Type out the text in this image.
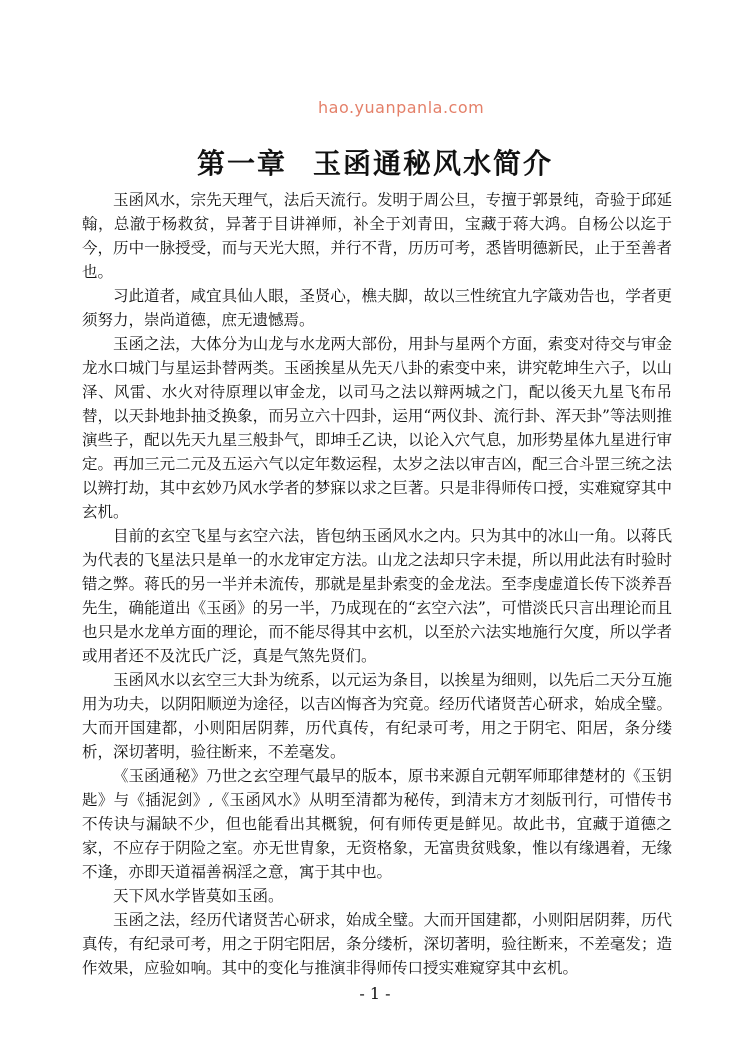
hao.yuanpanla.com
第一章 玉函通秘风水简介

玉函风水，宗先天理气，法后天流行。发明于周公旦，专擅于郭景纯，奇验于邱延翰，总澈于杨救贫，异著于目讲禅师，补全于刘青田，宝藏于蒋大鸿。自杨公以迄于今，历中一脉授受，而与天光大照，并行不背，历历可考，悉皆明德新民，止于至善者也。

习此道者，咸宜具仙人眼，圣贤心，樵夫脚，故以三性统宜九字箴劝告也，学者更须努力，崇尚道德，庶无遗憾焉。

玉函之法，大体分为山龙与水龙两大部份，用卦与星两个方面，索变对待交与审金龙水口城门与星运卦替两类。玉函挨星从先天八卦的索变中来，讲究乾坤生六子，以山泽、风雷、水火对待原理以审金龙，以司马之法以辩两城之门，配以後天九星飞布吊替，以天卦地卦抽爻换象，而另立六十四卦，运用“两仪卦、流行卦、浑天卦”等法则推演些子，配以先天九星三般卦气，即坤壬乙诀，以论入穴气息，加形势星体九星进行审定。再加三元二元及五运六气以定年数运程，太岁之法以审吉凶，配三合斗罡三统之法以辨打劫，其中玄妙乃风水学者的梦寐以求之巨著。只是非得师传口授，实难窥穿其中玄机。

目前的玄空飞星与玄空六法，皆包纳玉函风水之内。只为其中的冰山一角。以蒋氏为代表的飞星法只是单一的水龙审定方法。山龙之法却只字未提，所以用此法有时验时错之弊。蒋氏的另一半并未流传，那就是星卦索变的金龙法。至李虔虚道长传下淡养吾先生，确能道出《玉函》的另一半，乃成现在的“玄空六法”，可惜淡氏只言出理论而且也只是水龙单方面的理论，而不能尽得其中玄机，以至於六法实地施行欠度，所以学者或用者还不及沈氏广泛，真是气煞先贤们。

玉函风水以玄空三大卦为统系，以元运为条目，以挨星为细则，以先后二天分互施用为功夫，以阴阳顺逆为途径，以吉凶悔吝为究竟。经历代诸贤苦心研求，始成全璧。大而开国建都，小则阳居阴葬，历代真传，有纪录可考，用之于阴宅、阳居，条分缕析，深切著明，验往断来，不差毫发。

《玉函通秘》乃世之玄空理气最早的版本，原书来源自元朝军师耶律楚材的《玉钥匙》与《插泥剑》,《玉函风水》从明至清都为秘传，到清末方才刻版刊行，可惜传书不传诀与漏缺不少，但也能看出其概貌，何有师传更是鲜见。故此书，宜藏于道德之家，不应存于阴险之室。亦无世胄象，无资格象，无富贵贫贱象，惟以有缘遇着，无缘不逢，亦即天道福善祸淫之意，寓于其中也。

天下风水学皆莫如玉函。

玉函之法，经历代诸贤苦心研求，始成全璧。大而开国建都，小则阳居阴葬，历代真传，有纪录可考，用之于阴宅阳居，条分缕析，深切著明，验往断来，不差毫发；造作效果，应验如响。其中的变化与推演非得师传口授实难窥穿其中玄机。

- 1 -
